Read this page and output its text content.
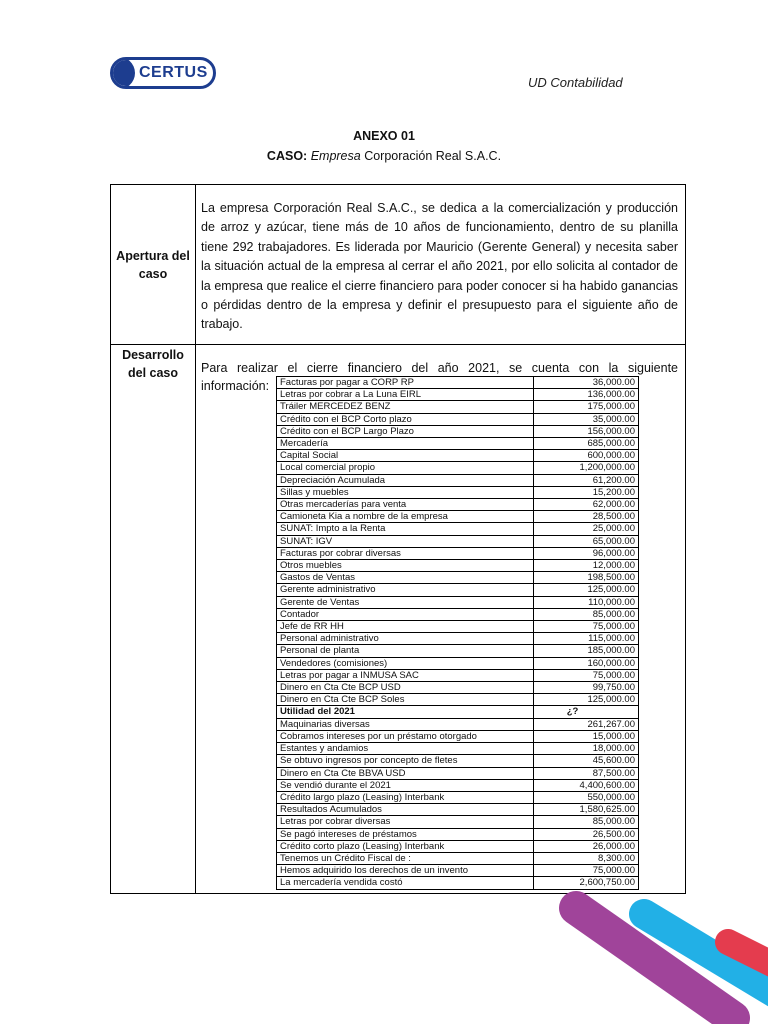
CERTUS
UD Contabilidad
ANEXO 01
CASO: Empresa Corporación Real S.A.C.
Apertura del caso
La empresa Corporación Real S.A.C., se dedica a la comercialización y producción de arroz y azúcar, tiene más de 10 años de funcionamiento, dentro de su planilla tiene 292 trabajadores. Es liderada por Mauricio (Gerente General) y necesita saber la situación actual de la empresa al cerrar el año 2021, por ello solicita al contador de la empresa que realice el cierre financiero para poder conocer si ha habido ganancias o pérdidas dentro de la empresa y definir el presupuesto para el siguiente año de trabajo.
Desarrollo del caso	Para realizar el cierre financiero del año 2021, se cuenta con la siguiente
información: Facturas por pagar a CORP RP	36,000.00
Letras por cobrar a La Luna EIRL	136,000.00
Tráiler MERCEDEZ BENZ	175,000.00
Crédito con el BCP Corto plazo	35,000.00
Crédito con el BCP Largo Plazo	156,000.00
Mercadería	685,000.00
Capital Social	600,000.00
Local comercial propio	1,200,000.00
Depreciación Acumulada	61,200.00
Sillas y muebles	15,200.00
Otras mercaderías para venta	62,000.00
Camioneta Kia a nombre de la empresa	28,500.00
SUNAT: Impto a la Renta	25,000.00
SUNAT: IGV	65,000.00
Facturas por cobrar diversas	96,000.00
Otros muebles	12,000.00
Gastos de Ventas	198,500.00
Gerente administrativo	125,000.00
Gerente de Ventas	110,000.00
Contador	85,000.00
Jefe de RR HH	75,000.00
Personal administrativo	115,000.00
Personal de planta	185,000.00
Vendedores (comisiones)	160,000.00
Letras por pagar a INMUSA SAC	75,000.00
Dinero en Cta Cte BCP USD	99,750.00
Dinero en Cta Cte BCP Soles	125,000.00
Utilidad del 2021	¿?
Maquinarias diversas	261,267.00
Cobramos intereses por un préstamo otorgado	15,000.00
Estantes y andamios	18,000.00
Se obtuvo ingresos por concepto de fletes	45,600.00
Dinero en Cta Cte BBVA USD	87,500.00
Se vendió durante el 2021	4,400,600.00
Crédito largo plazo (Leasing) Interbank	550,000.00
Resultados Acumulados	1,580,625.00
Letras por cobrar diversas	85,000.00
Se pagó intereses de préstamos	26,500.00
Crédito corto plazo (Leasing) Interbank	26,000.00
Tenemos un Crédito Fiscal de :	8,300.00
Hemos adquirido los derechos de un invento	75,000.00
La mercadería vendida costó	2,600,750.00
